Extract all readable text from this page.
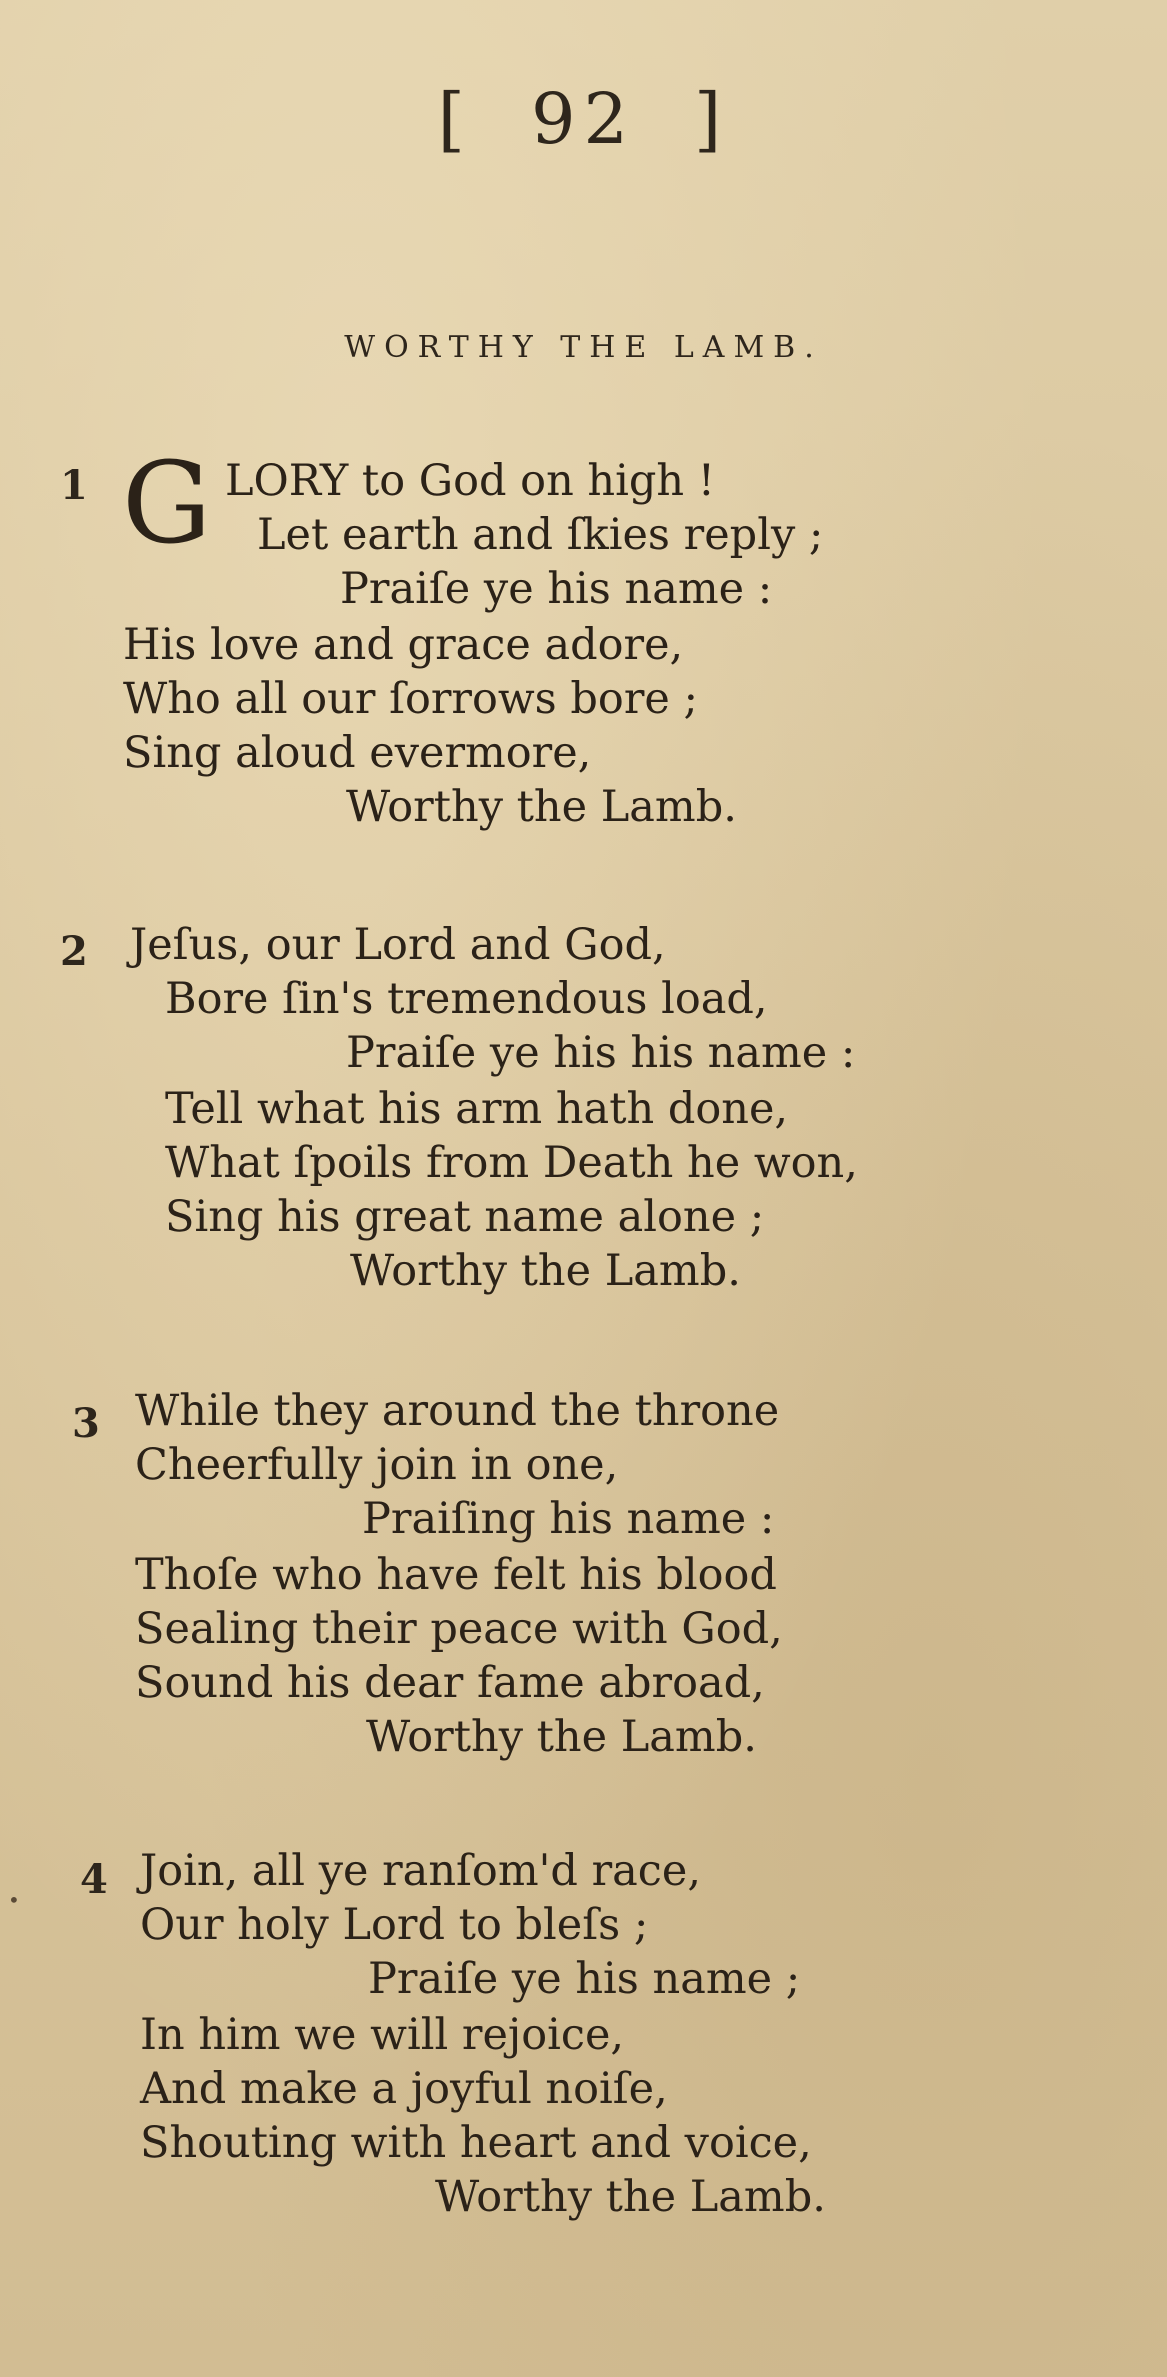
[ 92 ]
WORTHY THE LAMB.
1 G LORY to God on high !
Let earth and ſkies reply ;
Praiſe ye his name :
His love and grace adore,
Who all our ſorrows bore ;
Sing aloud evermore,
Worthy the Lamb.
2 Jeſus, our Lord and God,
Bore ſin's tremendous load,
Praiſe ye his his name :
Tell what his arm hath done,
What ſpoils from Death he won,
Sing his great name alone ;
Worthy the Lamb.
3 While they around the throne
Cheerfully join in one,
Praiſing his name :
Thoſe who have felt his blood
Sealing their peace with God,
Sound his dear fame abroad,
Worthy the Lamb.
4 Join, all ye ranſom'd race,
Our holy Lord to bleſs ;
Praiſe ye his name ;
In him we will rejoice,
And make a joyful noiſe,
Shouting with heart and voice,
Worthy the Lamb.
•
